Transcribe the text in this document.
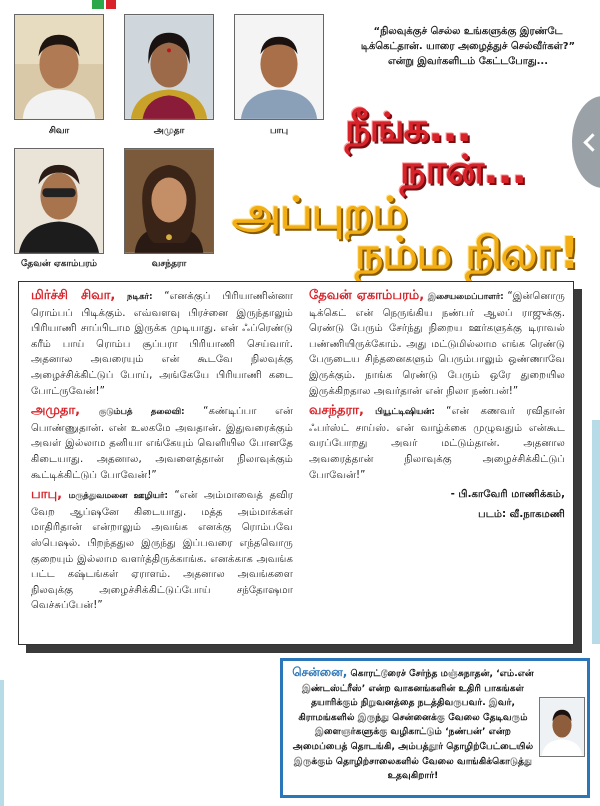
சிவா	அமுதா	பாபு
தேவன் ஏகாம்பரம்	வசந்தரா
“நிலவுக்குச் செல்ல உங்களுக்கு இரண்டே டிக்கெட்தான். யாரை அழைத்துச் செல்வீர்கள்?” என்று இவர்களிடம் கேட்டபோது...
நீங்க...
நான்...
அப்புறம்
நம்ம நிலா!

மிர்ச்சி சிவா, நடிகர்: “எனக்குப் பிரியாணின்னா ரொம்பப் பிடிக்கும். எவ்வளவு பிரச்னை இருந்தாலும் பிரியாணி சாப்பிடாம இருக்க முடியாது. என் ஃப்ரெண்டு கரீம் பாய் ரொம்ப சூப்பரா பிரியாணி செய்வார். அதனால அவரையும் என் கூடவே நிலவுக்கு அழைச்சிக்கிட்டுப் போய், அங்கேயே பிரியாணி கடை போட்ருவேன்!”

அமுதா, குடும்பத் தலைவி: “கண்டிப்பா என் பொண்ணுதான். என் உலகமே அவதான். இதுவரைக்கும் அவள் இல்லாம தனியா எங்கேயும் வெளியில போனதே கிடையாது. அதனால, அவளைத்தான் நிலாவுக்கும் கூட்டிக்கிட்டுப் போவேன்!”

பாபு, மருத்துவமனை ஊழியர்: “என் அம்மாவைத் தவிர வேற ஆப்ஷனே கிடையாது. மத்த அம்மாக்கள் மாதிரிதான் என்றாலும் அவங்க எனக்கு ரொம்பவே ஸ்பெஷல். பிறந்ததுல இருந்து இப்பவரை எந்தவொரு குறையும் இல்லாம வளர்த்திருக்காங்க. எனக்காக அவங்க பட்ட கஷ்டங்கள் ஏராளம். அதனால அவங்களை நிலவுக்கு அழைச்சிக்கிட்டுப்போய் சந்தோஷமா வெச்சுப்பேன்!”

தேவன் ஏகாம்பரம், இசையமைப்பாளர்: “இன்னொரு டிக்கெட் என் நெருங்கிய நண்பர் ஆலப் ராஜுக்கு. ரெண்டு பேரும் சேர்ந்து நிறைய ஊர்களுக்கு டிராவல் பண்ணியிருக்கோம். அது மட்டுமில்லாம எங்க ரெண்டு பேருடைய சிந்தனைகளும் பெரும்பாலும் ஒண்ணாவே இருக்கும். நாங்க ரெண்டு பேரும் ஒரே துறையில இருக்கிறதால அவர்தான் என் நிலா நண்பன்!”

வசந்தரா, பியூட்டிஷியன்: “என் கணவர் ரவிதான் ஃபர்ஸ்ட் சாய்ஸ். என் வாழ்க்கை முழுவதும் என்கூட வரப்போறது அவர் மட்டும்தான். அதனால அவரைத்தான் நிலாவுக்கு அழைச்சிக்கிட்டுப் போவேன்!”

- பி.காவேரி மாணிக்கம்,

படம்: வீ.நாகமணி

சென்னை, கொரட்டூரைச் சேர்ந்த மஞ்சுநாதன், ‘எம்.என் இண்டஸ்ட்ரீஸ்’ என்ற வாகனங்களின் உதிரி பாகங்கள் தயாரிக்கும் நிறுவனத்தை நடத்திவருபவர். இவர், கிராமங்களில் இருந்து சென்னைக்கு வேலை தேடிவரும் இளைஞர்களுக்கு வழிகாட்டும் ‘நண்பன்’ என்ற அமைப்பைத் தொடங்கி, அம்பத்தூர் தொழிற்பேட்டையில் இருக்கும் தொழிற்சாலைகளில் வேலை வாங்கிக்கொடுத்து உதவுகிறார்!
